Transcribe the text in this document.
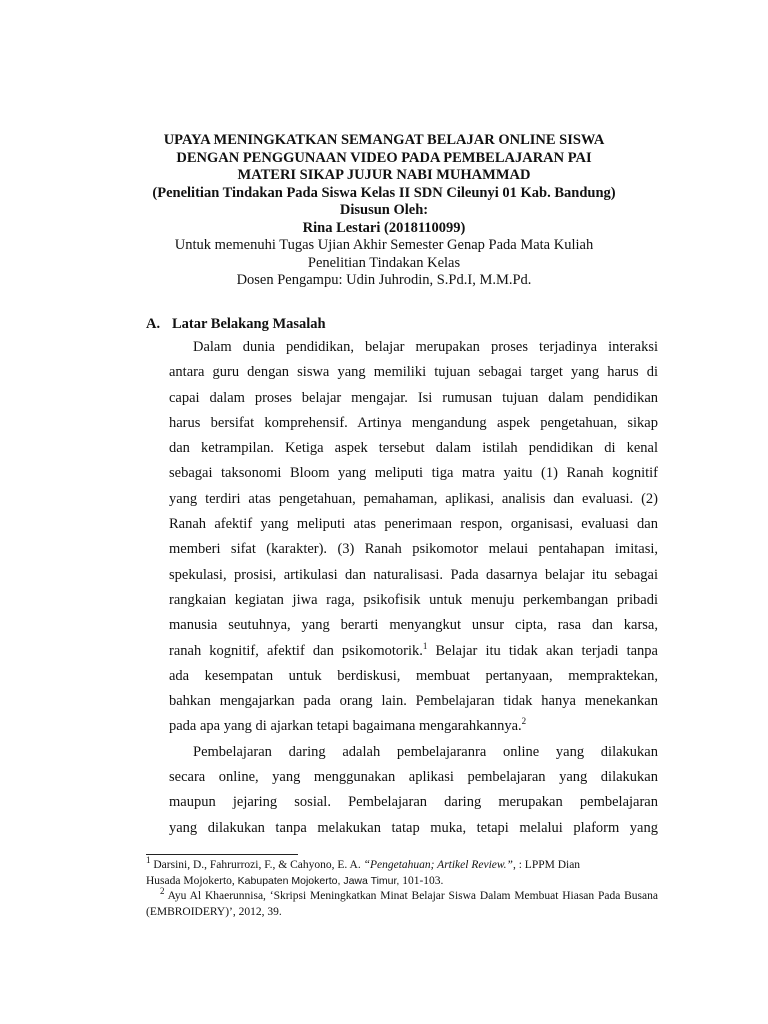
UPAYA MENINGKATKAN SEMANGAT BELAJAR ONLINE SISWA
DENGAN PENGGUNAAN VIDEO PADA PEMBELAJARAN PAI
MATERI SIKAP JUJUR NABI MUHAMMAD
(Penelitian Tindakan Pada Siswa Kelas II SDN Cileunyi 01 Kab. Bandung)
Disusun Oleh:
Rina Lestari (2018110099)
Untuk memenuhi Tugas Ujian Akhir Semester Genap Pada Mata Kuliah
Penelitian Tindakan Kelas
Dosen Pengampu: Udin Juhrodin, S.Pd.I, M.M.Pd.
A. Latar Belakang Masalah
Dalam dunia pendidikan, belajar merupakan proses terjadinya interaksi
antara guru dengan siswa yang memiliki tujuan sebagai target yang harus di
capai dalam proses belajar mengajar. Isi rumusan tujuan dalam pendidikan
harus bersifat komprehensif. Artinya mengandung aspek pengetahuan, sikap
dan ketrampilan. Ketiga aspek tersebut dalam istilah pendidikan di kenal
sebagai taksonomi Bloom yang meliputi tiga matra yaitu (1) Ranah kognitif
yang terdiri atas pengetahuan, pemahaman, aplikasi, analisis dan evaluasi. (2)
Ranah afektif yang meliputi atas penerimaan respon, organisasi, evaluasi dan
memberi sifat (karakter). (3) Ranah psikomotor melaui pentahapan imitasi,
spekulasi, prosisi, artikulasi dan naturalisasi. Pada dasarnya belajar itu sebagai
rangkaian kegiatan jiwa raga, psikofisik untuk menuju perkembangan pribadi
manusia seutuhnya, yang berarti menyangkut unsur cipta, rasa dan karsa,
ranah kognitif, afektif dan psikomotorik.$^1$ Belajar itu tidak akan terjadi tanpa
ada kesempatan untuk berdiskusi, membuat pertanyaan, mempraktekan,
bahkan mengajarkan pada orang lain. Pembelajaran tidak hanya menekankan
pada apa yang di ajarkan tetapi bagaimana mengarahkannya.$^2$
Pembelajaran daring adalah pembelajaranra online yang dilakukan
secara online, yang menggunakan aplikasi pembelajaran yang dilakukan
maupun jejaring sosial. Pembelajaran daring merupakan pembelajaran
yang dilakukan tanpa melakukan tatap muka, tetapi melalui plaform yang

$^1$ Darsini, D., Fahrurrozi, F., & Cahyono, E. A. “Pengetahuan; Artikel Review.”, : LPPM Dian
Husada Mojokerto, Kabupaten Mojokerto, Jawa Timur, 101-103.

$^2$ Ayu Al Khaerunnisa, ‘Skripsi Meningkatkan Minat Belajar Siswa Dalam Membuat Hiasan Pada Busana (EMBROIDERY)’, 2012, 39.
